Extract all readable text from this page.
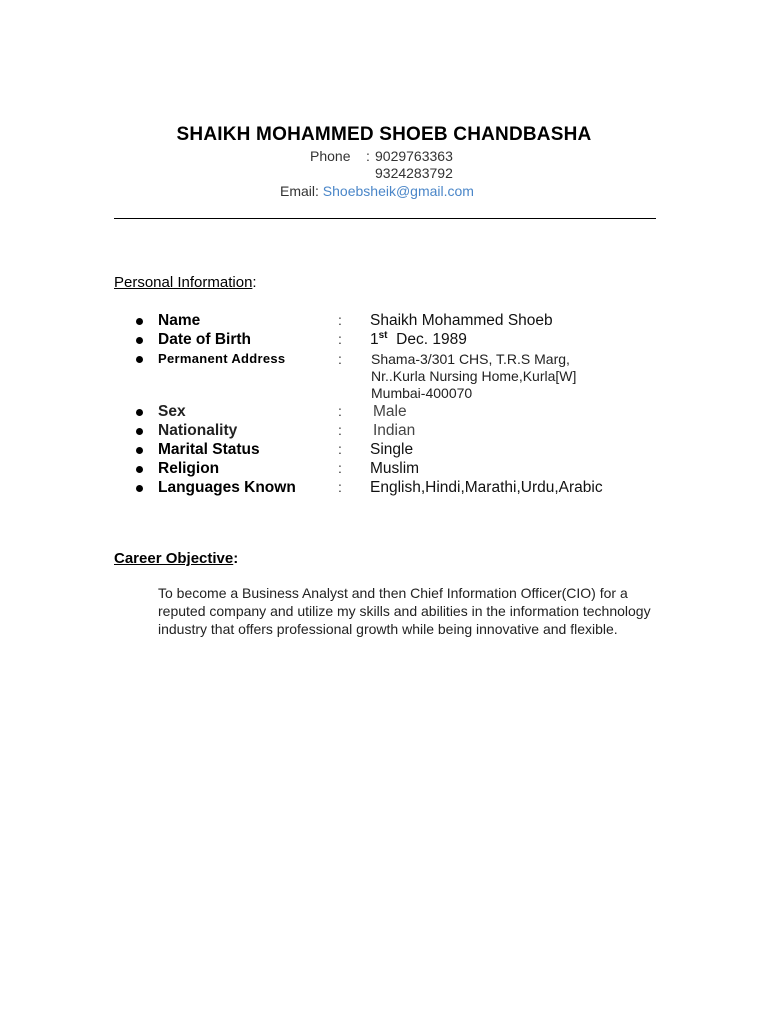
SHAIKH MOHAMMED SHOEB CHANDBASHA
Phone : 9029763363
9324283792
Email: Shoebsheik@gmail.com
Personal Information:
Name	: Shaikh Mohammed Shoeb
Date of Birth	: 1st Dec. 1989
Permanent Address	: Shama-3/301 CHS, T.R.S Marg,
Nr..Kurla Nursing Home,Kurla[W]
Mumbai-400070
Sex	: Male
Nationality	: Indian
Marital Status	: Single
Religion	: Muslim
Languages Known	: English,Hindi,Marathi,Urdu,Arabic
Career Objective:

To become a Business Analyst and then Chief Information Officer(CIO) for a reputed company and utilize my skills and abilities in the information technology industry that offers professional growth while being innovative and flexible.
